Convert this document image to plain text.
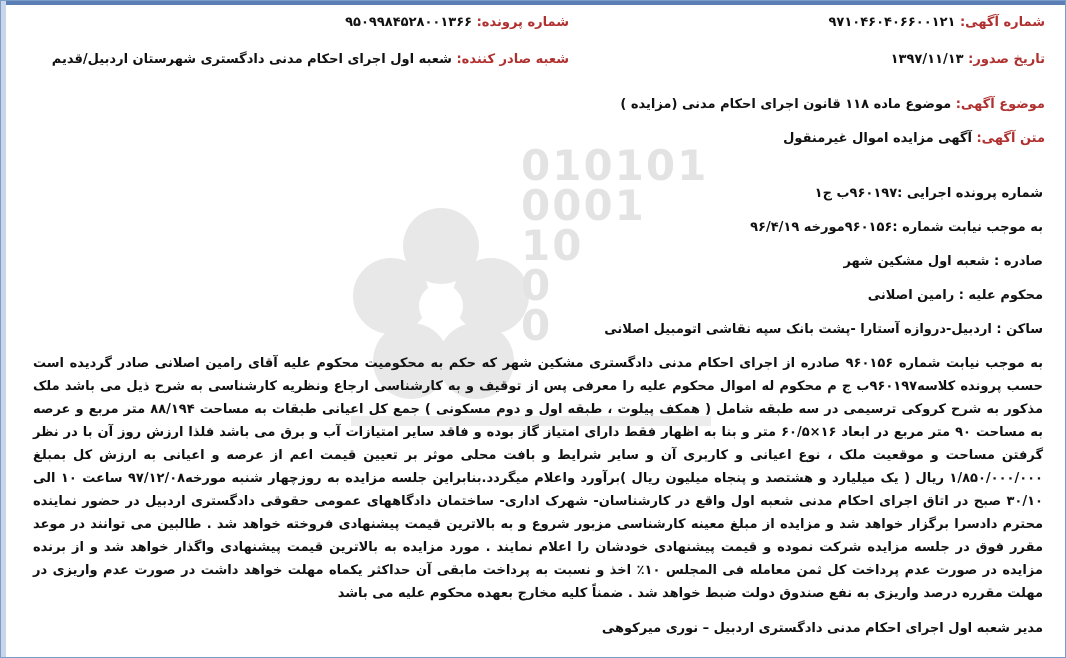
010101
0001
10
0
0
شماره آگهی: ۹۷۱۰۴۶۰۴۰۶۶۰۰۱۲۱
شماره پرونده: ۹۵۰۹۹۸۴۵۲۸۰۰۱۳۶۶
تاریخ صدور: ۱۳۹۷/۱۱/۱۳
شعبه صادر کننده: شعبه اول اجرای احکام مدنی دادگستری شهرستان اردبیل/قدیم
موضوع آگهی: موضوع ماده ۱۱۸ قانون اجرای احکام مدنی (مزایده )
متن آگهی: آگهی مزایده اموال غیرمنقول
شماره پرونده اجرایی :۹۶۰۱۹۷ب ج۱
به موجب نیابت شماره :۹۶۰۱۵۶مورخه ۹۶/۴/۱۹
صادره : شعبه اول مشکین شهر
محکوم علیه : رامین اصلانی
ساکن : اردبیل-دروازه آستارا -پشت بانک سپه نقاشی اتومبیل اصلانی
به موجب نیابت شماره ۹۶۰۱۵۶ صادره از اجرای احکام مدنی دادگستری مشکین شهر که حکم به محکومیت محکوم علیه آقای رامین اصلانی صادر گردیده است حسب پرونده کلاسه۹۶۰۱۹۷ب ج م محکوم له اموال محکوم علیه را معرفی پس از توقیف و به کارشناسی ارجاع ونظریه کارشناسی به شرح ذیل می باشد ملک مذکور به شرح کروکی ترسیمی در سه طبقه شامل ( همکف پیلوت ، طبقه اول و دوم مسکونی ) جمع کل اعیانی طبقات به مساحت ۸۸/۱۹۴ متر مربع و عرصه به مساحت ۹۰ متر مربع در ابعاد ۱۶×۶۰/۵ متر و بنا به اظهار فقط دارای امتیاز گاز بوده و فاقد سایر امتیازات آب و برق می باشد فلذا ارزش روز آن با در نظر گرفتن مساحت و موقعیت ملک ، نوع اعیانی و کاربری آن و سایر شرایط و بافت محلی موثر بر تعیین قیمت اعم از عرصه و اعیانی به ارزش کل بمبلغ ۱/۸۵۰/۰۰۰/۰۰۰ ریال ( یک میلیارد و هشتصد و پنجاه میلیون ریال )برآورد واعلام میگردد.بنابراین جلسه مزایده به روزچهار شنبه مورخه۹۷/۱۲/۰۸ ساعت ۱۰ الی ۳۰/۱۰ صبح در اتاق اجرای احکام مدنی شعبه اول واقع در کارشناسان- شهرک اداری- ساختمان دادگاههای عمومی حقوقی دادگستری اردبیل در حضور نماینده محترم دادسرا برگزار خواهد شد و مزایده از مبلغ معینه کارشناسی مزبور شروع و به بالاترین قیمت پیشنهادی فروخته خواهد شد . طالبین می توانند در موعد مقرر فوق در جلسه مزایده شرکت نموده و قیمت پیشنهادی خودشان را اعلام نمایند . مورد مزایده به بالاترین قیمت پیشنهادی واگذار خواهد شد و از برنده مزایده در صورت عدم پرداخت کل ثمن معامله فی المجلس ۱۰٪ اخذ و نسبت به پرداخت مابقی آن حداکثر یکماه مهلت خواهد داشت در صورت عدم واریزی در مهلت مقرره درصد واریزی به نفع صندوق دولت ضبط خواهد شد . ضمناً کلیه مخارج بعهده محکوم علیه می باشد
مدیر شعبه اول اجرای احکام مدنی دادگستری اردبیل – نوری میرکوهی
